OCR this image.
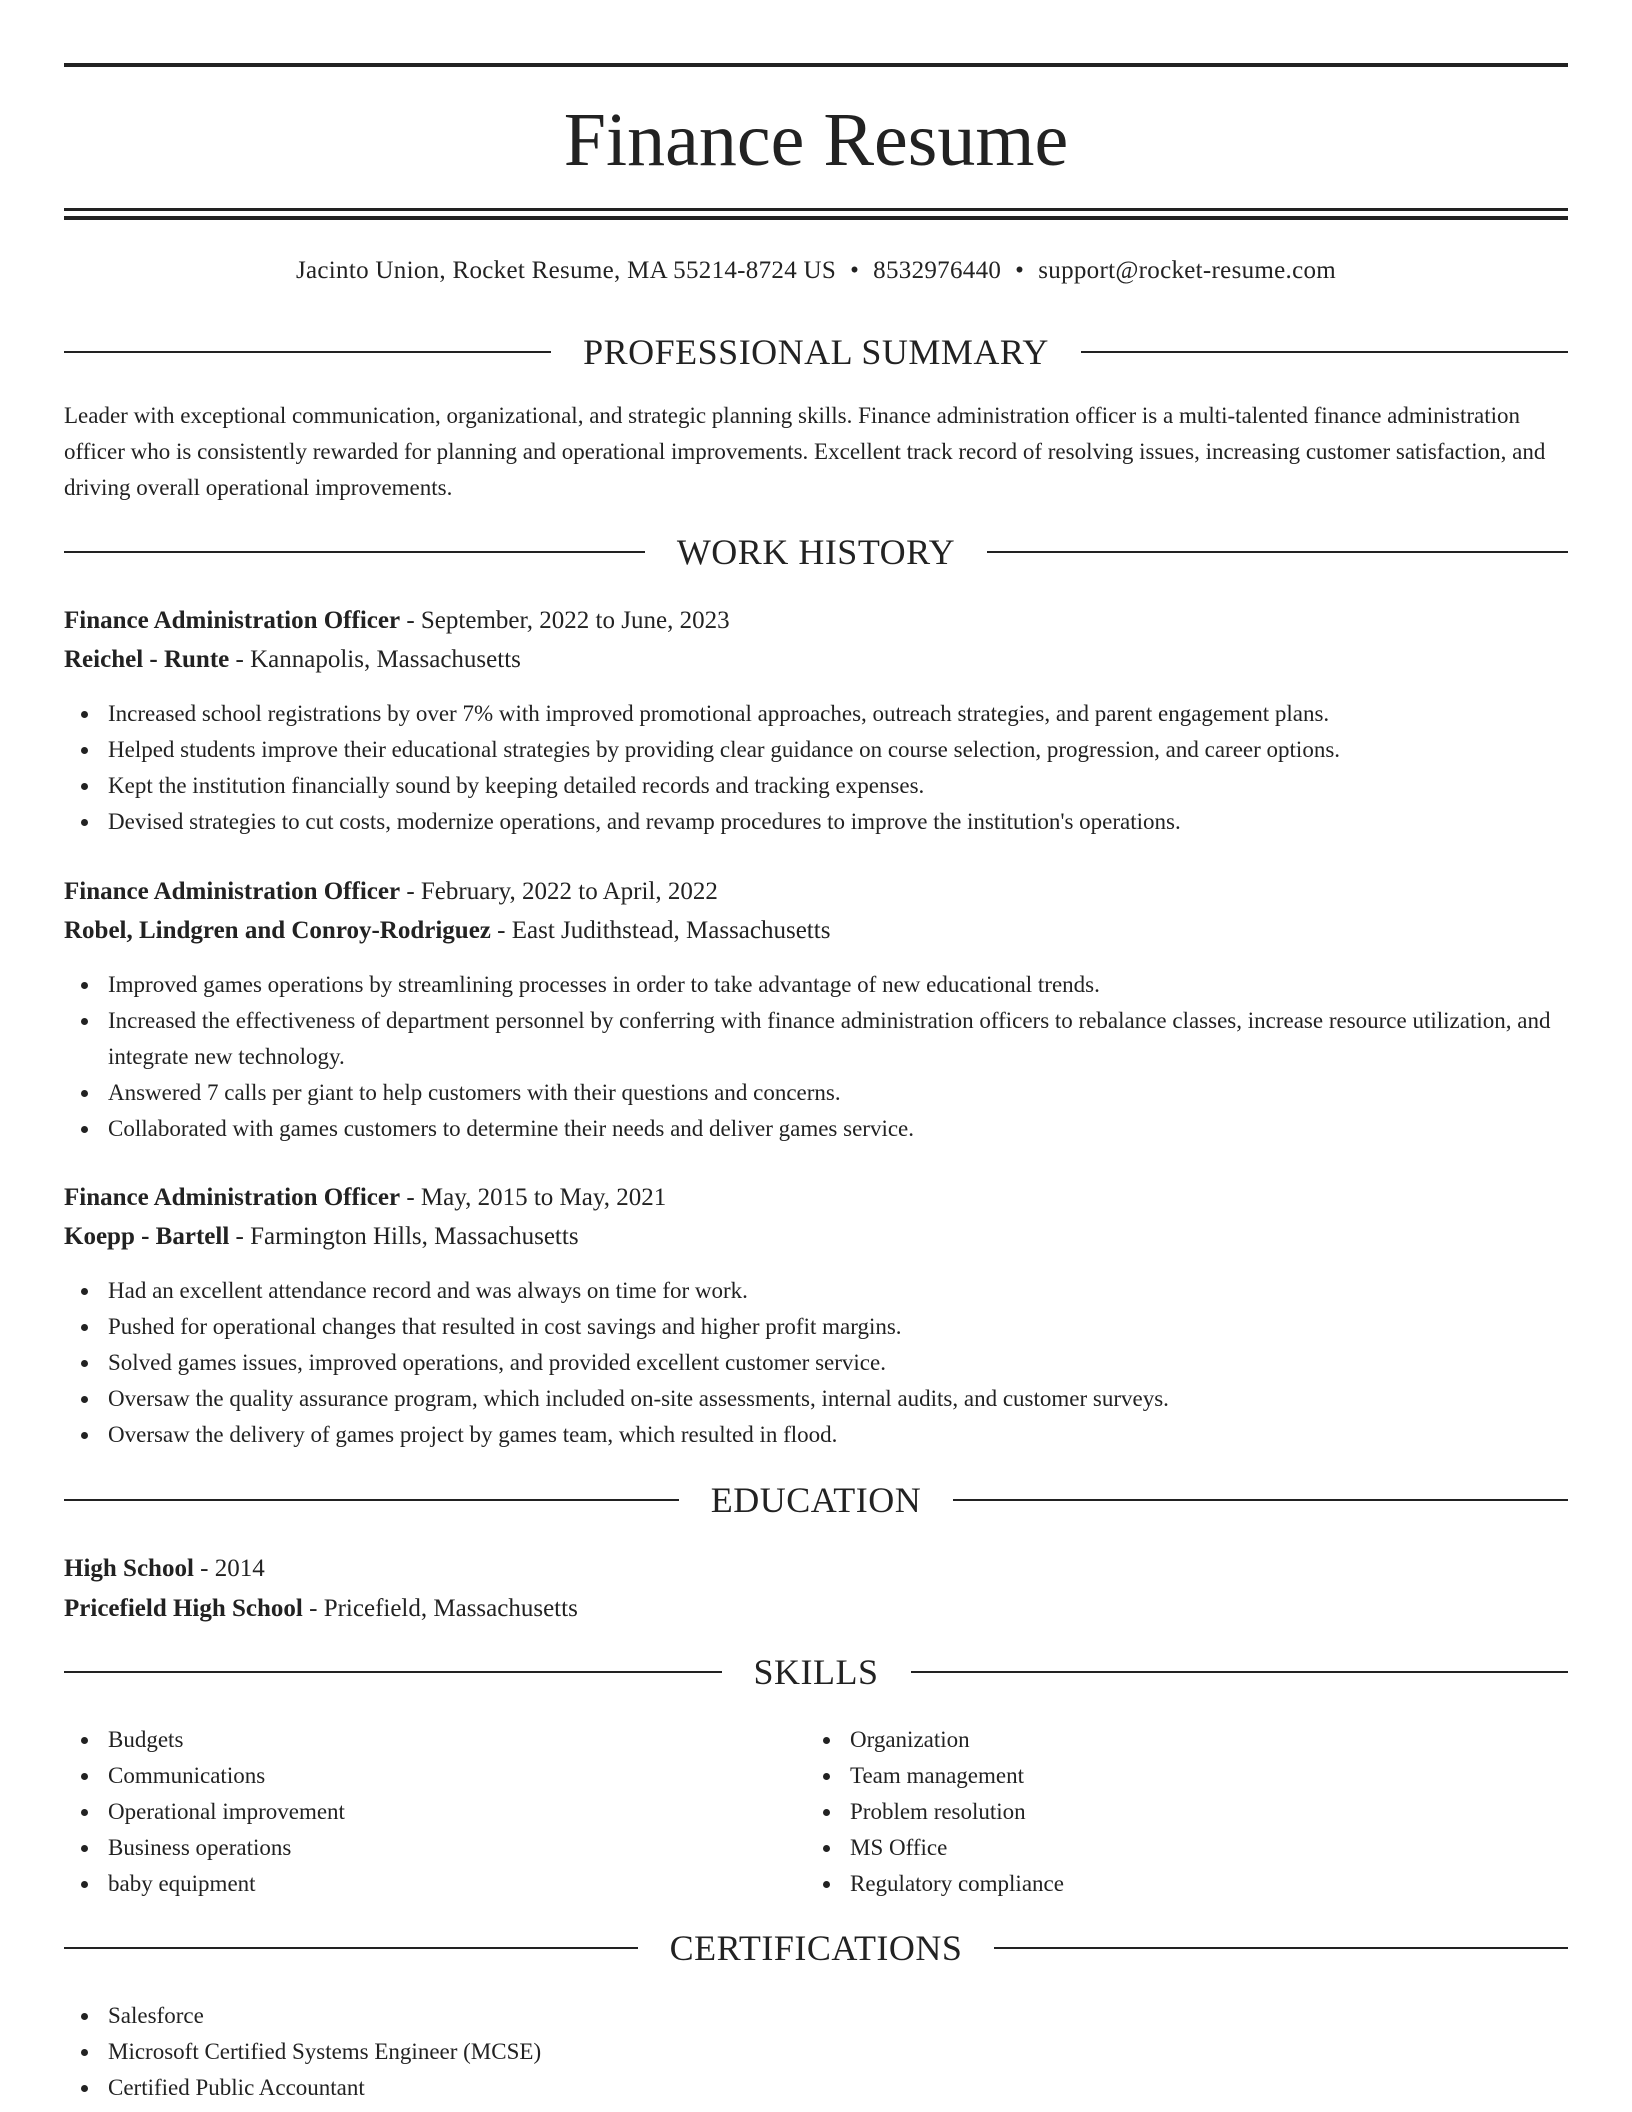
Finance Resume
Jacinto Union, Rocket Resume, MA 55214-8724 US • 8532976440 • support@rocket-resume.com
PROFESSIONAL SUMMARY
Leader with exceptional communication, organizational, and strategic planning skills. Finance administration officer is a multi-talented finance administration officer who is consistently rewarded for planning and operational improvements. Excellent track record of resolving issues, increasing customer satisfaction, and driving overall operational improvements.
WORK HISTORY
Finance Administration Officer - September, 2022 to June, 2023
Reichel - Runte - Kannapolis, Massachusetts
Increased school registrations by over 7% with improved promotional approaches, outreach strategies, and parent engagement plans.
Helped students improve their educational strategies by providing clear guidance on course selection, progression, and career options.
Kept the institution financially sound by keeping detailed records and tracking expenses.
Devised strategies to cut costs, modernize operations, and revamp procedures to improve the institution's operations.
Finance Administration Officer - February, 2022 to April, 2022
Robel, Lindgren and Conroy-Rodriguez - East Judithstead, Massachusetts
Improved games operations by streamlining processes in order to take advantage of new educational trends.
Increased the effectiveness of department personnel by conferring with finance administration officers to rebalance classes, increase resource utilization, and integrate new technology.
Answered 7 calls per giant to help customers with their questions and concerns.
Collaborated with games customers to determine their needs and deliver games service.
Finance Administration Officer - May, 2015 to May, 2021
Koepp - Bartell - Farmington Hills, Massachusetts
Had an excellent attendance record and was always on time for work.
Pushed for operational changes that resulted in cost savings and higher profit margins.
Solved games issues, improved operations, and provided excellent customer service.
Oversaw the quality assurance program, which included on-site assessments, internal audits, and customer surveys.
Oversaw the delivery of games project by games team, which resulted in flood.
EDUCATION
High School - 2014
Pricefield High School - Pricefield, Massachusetts
SKILLS
Budgets
Communications
Operational improvement
Business operations
baby equipment
Organization
Team management
Problem resolution
MS Office
Regulatory compliance
CERTIFICATIONS
Salesforce
Microsoft Certified Systems Engineer (MCSE)
Certified Public Accountant
